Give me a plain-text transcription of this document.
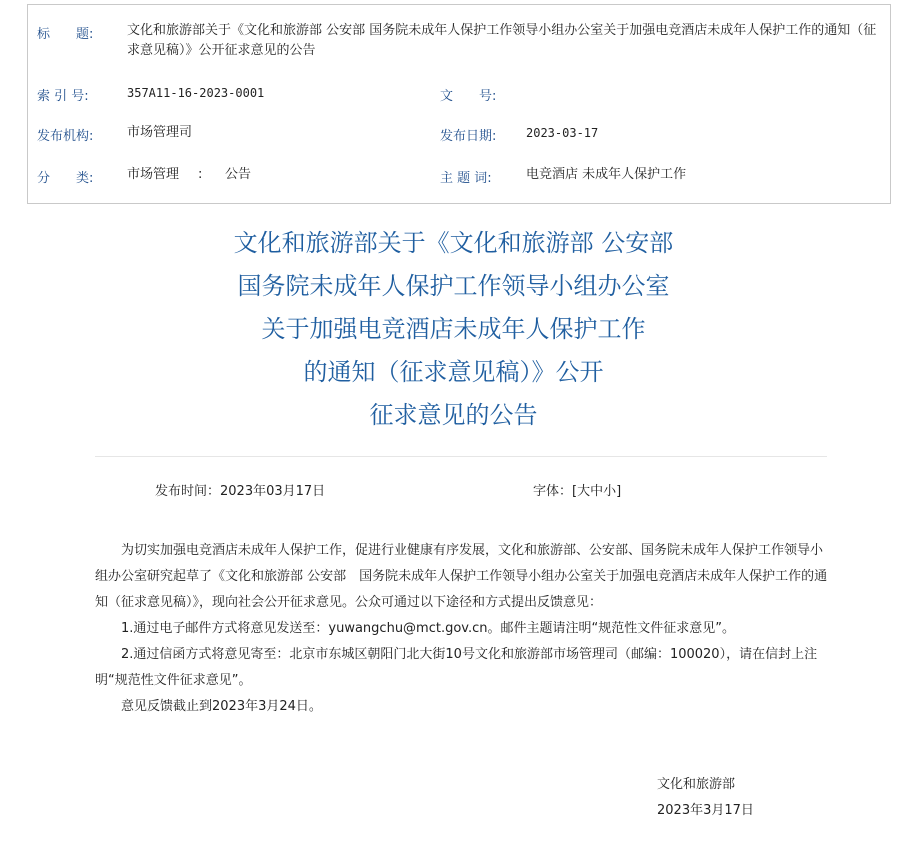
标　　题:	文化和旅游部关于《文化和旅游部 公安部 国务院未成年人保护工作领导小组办公室关于加强电竞酒店未成年人保护工作的通知（征求意见稿）》公开征求意见的公告
索 引 号:	357A11-16-2023-0001	文　　号:
发布机构:	市场管理司	发布日期: 2023-03-17
分　　类:	市场管理 : 公告	主 题 词:	电竞酒店 未成年人保护工作
文化和旅游部关于《文化和旅游部 公安部
国务院未成年人保护工作领导小组办公室
关于加强电竞酒店未成年人保护工作
的通知（征求意见稿）》公开
征求意见的公告
发布时间：2023年03月17日	字体： [大中小]

为切实加强电竞酒店未成年人保护工作，促进行业健康有序发展，文化和旅游部、公安部、国务院未成年人保护工作领导小组办公室研究起草了《文化和旅游部 公安部　国务院未成年人保护工作领导小组办公室关于加强电竞酒店未成年人保护工作的通知（征求意见稿）》，现向社会公开征求意见。公众可通过以下途径和方式提出反馈意见：

1.通过电子邮件方式将意见发送至：yuwangchu@mct.gov.cn。邮件主题请注明“规范性文件征求意见”。

2.通过信函方式将意见寄至：北京市东城区朝阳门北大街10号文化和旅游部市场管理司（邮编：100020），请在信封上注明“规范性文件征求意见”。

意见反馈截止到2023年3月24日。

文化和旅游部
2023年3月17日
